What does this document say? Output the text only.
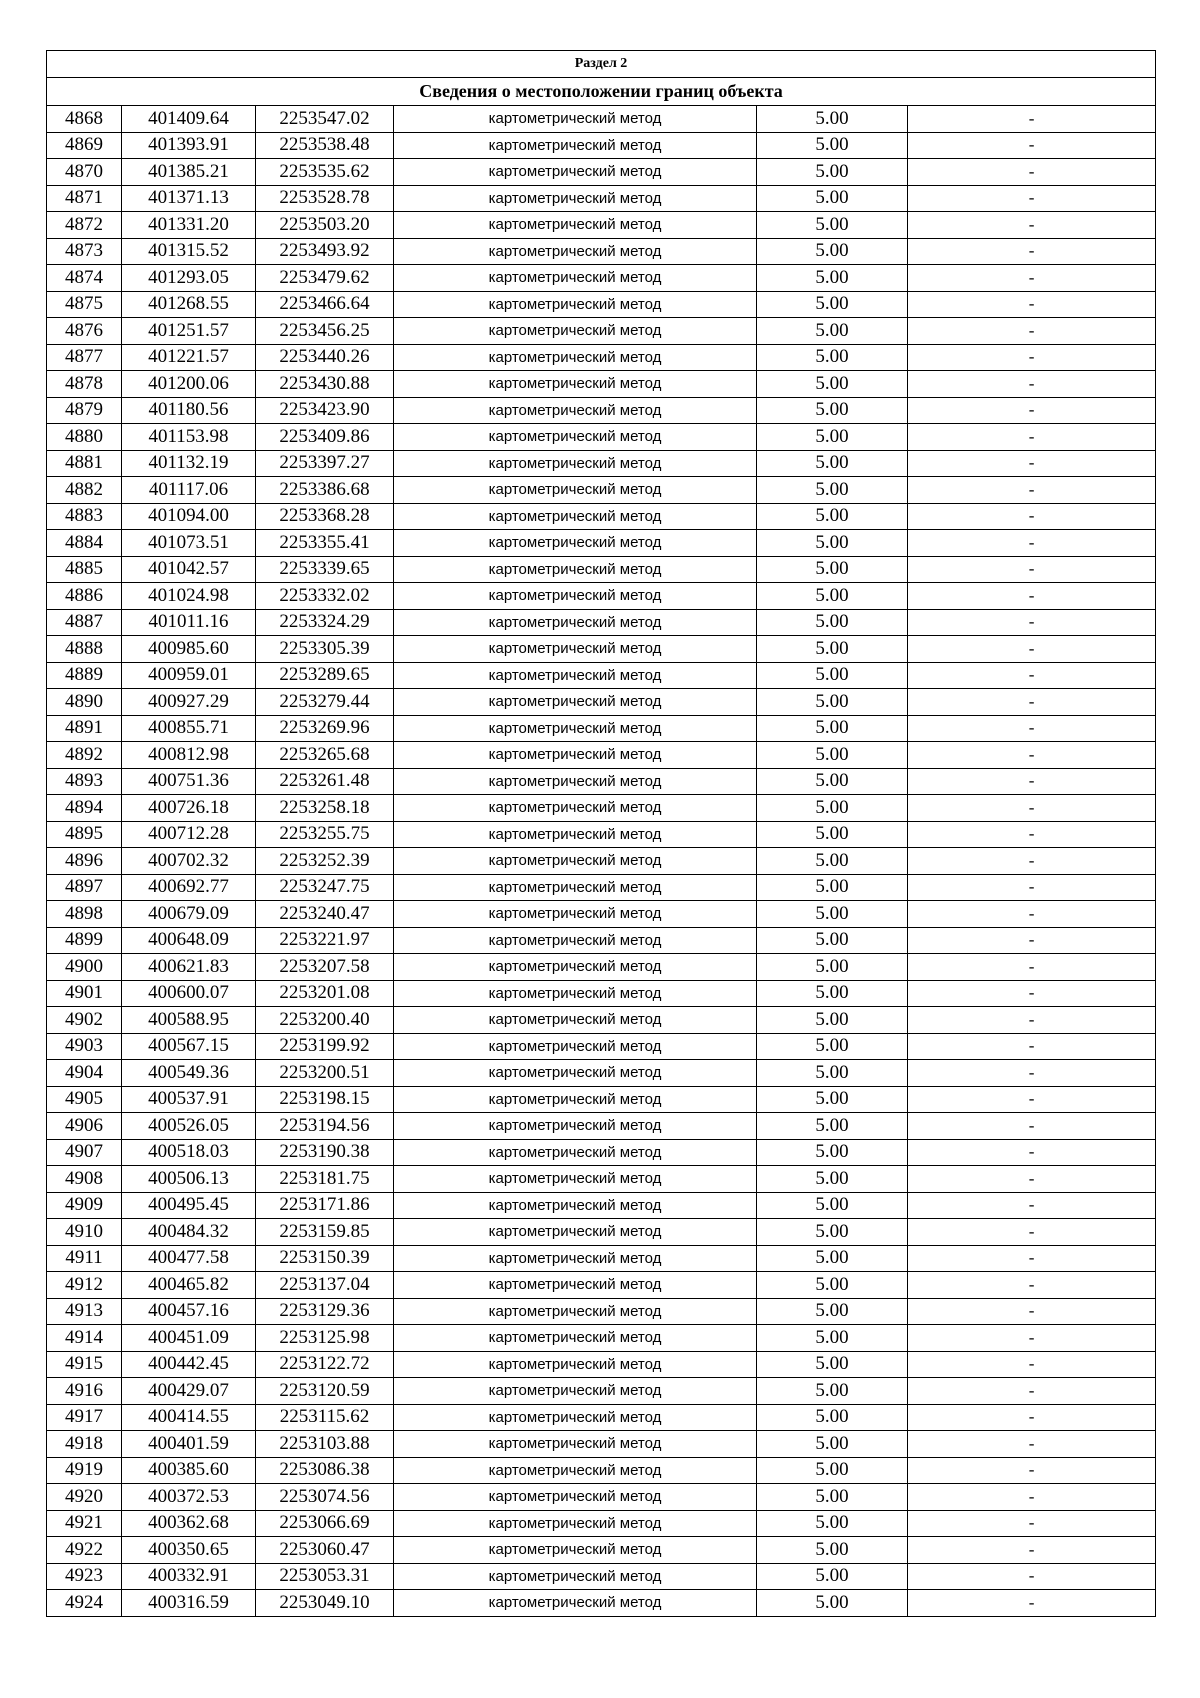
Раздел 2					
Сведения о местоположении границ объекта					
4868	401409.64	2253547.02	картометрический метод	5.00	-
4869	401393.91	2253538.48	картометрический метод	5.00	-
4870	401385.21	2253535.62	картометрический метод	5.00	-
4871	401371.13	2253528.78	картометрический метод	5.00	-
4872	401331.20	2253503.20	картометрический метод	5.00	-
4873	401315.52	2253493.92	картометрический метод	5.00	-
4874	401293.05	2253479.62	картометрический метод	5.00	-
4875	401268.55	2253466.64	картометрический метод	5.00	-
4876	401251.57	2253456.25	картометрический метод	5.00	-
4877	401221.57	2253440.26	картометрический метод	5.00	-
4878	401200.06	2253430.88	картометрический метод	5.00	-
4879	401180.56	2253423.90	картометрический метод	5.00	-
4880	401153.98	2253409.86	картометрический метод	5.00	-
4881	401132.19	2253397.27	картометрический метод	5.00	-
4882	401117.06	2253386.68	картометрический метод	5.00	-
4883	401094.00	2253368.28	картометрический метод	5.00	-
4884	401073.51	2253355.41	картометрический метод	5.00	-
4885	401042.57	2253339.65	картометрический метод	5.00	-
4886	401024.98	2253332.02	картометрический метод	5.00	-
4887	401011.16	2253324.29	картометрический метод	5.00	-
4888	400985.60	2253305.39	картометрический метод	5.00	-
4889	400959.01	2253289.65	картометрический метод	5.00	-
4890	400927.29	2253279.44	картометрический метод	5.00	-
4891	400855.71	2253269.96	картометрический метод	5.00	-
4892	400812.98	2253265.68	картометрический метод	5.00	-
4893	400751.36	2253261.48	картометрический метод	5.00	-
4894	400726.18	2253258.18	картометрический метод	5.00	-
4895	400712.28	2253255.75	картометрический метод	5.00	-
4896	400702.32	2253252.39	картометрический метод	5.00	-
4897	400692.77	2253247.75	картометрический метод	5.00	-
4898	400679.09	2253240.47	картометрический метод	5.00	-
4899	400648.09	2253221.97	картометрический метод	5.00	-
4900	400621.83	2253207.58	картометрический метод	5.00	-
4901	400600.07	2253201.08	картометрический метод	5.00	-
4902	400588.95	2253200.40	картометрический метод	5.00	-
4903	400567.15	2253199.92	картометрический метод	5.00	-
4904	400549.36	2253200.51	картометрический метод	5.00	-
4905	400537.91	2253198.15	картометрический метод	5.00	-
4906	400526.05	2253194.56	картометрический метод	5.00	-
4907	400518.03	2253190.38	картометрический метод	5.00	-
4908	400506.13	2253181.75	картометрический метод	5.00	-
4909	400495.45	2253171.86	картометрический метод	5.00	-
4910	400484.32	2253159.85	картометрический метод	5.00	-
4911	400477.58	2253150.39	картометрический метод	5.00	-
4912	400465.82	2253137.04	картометрический метод	5.00	-
4913	400457.16	2253129.36	картометрический метод	5.00	-
4914	400451.09	2253125.98	картометрический метод	5.00	-
4915	400442.45	2253122.72	картометрический метод	5.00	-
4916	400429.07	2253120.59	картометрический метод	5.00	-
4917	400414.55	2253115.62	картометрический метод	5.00	-
4918	400401.59	2253103.88	картометрический метод	5.00	-
4919	400385.60	2253086.38	картометрический метод	5.00	-
4920	400372.53	2253074.56	картометрический метод	5.00	-
4921	400362.68	2253066.69	картометрический метод	5.00	-
4922	400350.65	2253060.47	картометрический метод	5.00	-
4923	400332.91	2253053.31	картометрический метод	5.00	-
4924	400316.59	2253049.10	картометрический метод	5.00	-
